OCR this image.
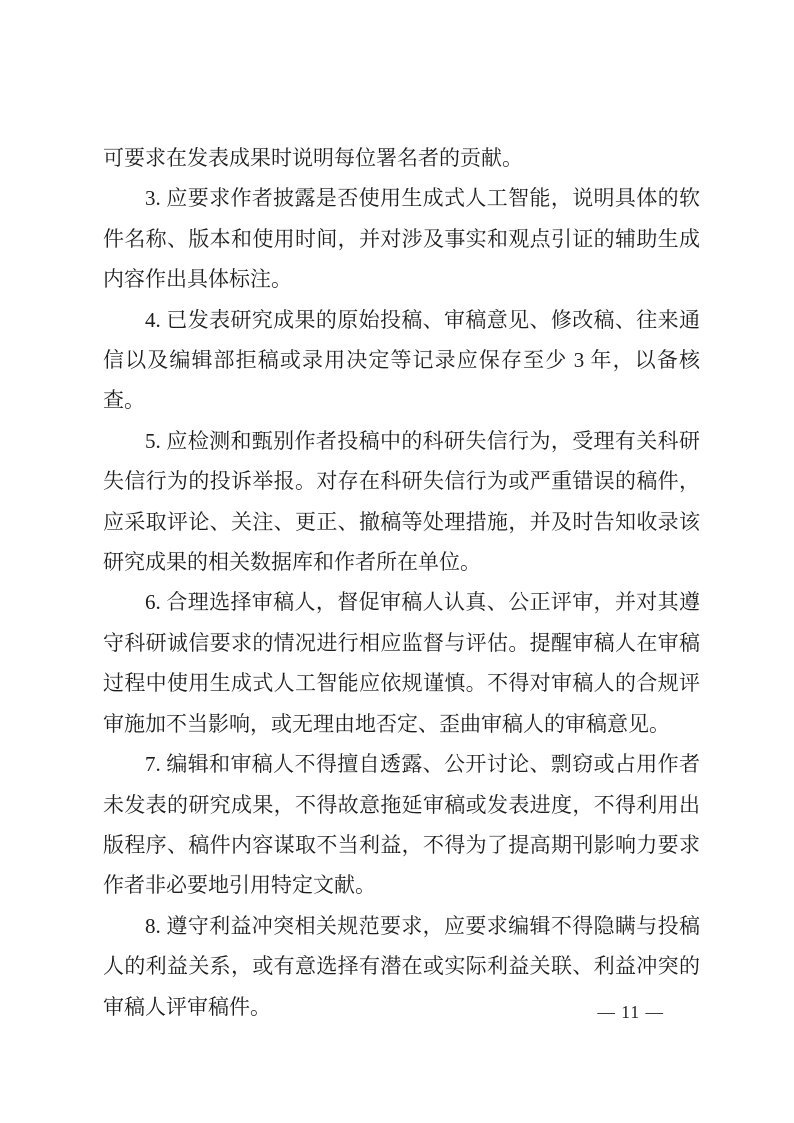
可要求在发表成果时说明每位署名者的贡献。

3. 应要求作者披露是否使用生成式人工智能，说明具体的软件名称、版本和使用时间，并对涉及事实和观点引证的辅助生成内容作出具体标注。

4. 已发表研究成果的原始投稿、审稿意见、修改稿、往来通信以及编辑部拒稿或录用决定等记录应保存至少 3 年，以备核查。

5. 应检测和甄别作者投稿中的科研失信行为，受理有关科研失信行为的投诉举报。对存在科研失信行为或严重错误的稿件，应采取评论、关注、更正、撤稿等处理措施，并及时告知收录该研究成果的相关数据库和作者所在单位。

6. 合理选择审稿人，督促审稿人认真、公正评审，并对其遵守科研诚信要求的情况进行相应监督与评估。提醒审稿人在审稿过程中使用生成式人工智能应依规谨慎。不得对审稿人的合规评审施加不当影响，或无理由地否定、歪曲审稿人的审稿意见。

7. 编辑和审稿人不得擅自透露、公开讨论、剽窃或占用作者未发表的研究成果，不得故意拖延审稿或发表进度，不得利用出版程序、稿件内容谋取不当利益，不得为了提高期刊影响力要求作者非必要地引用特定文献。

8. 遵守利益冲突相关规范要求，应要求编辑不得隐瞒与投稿人的利益关系，或有意选择有潜在或实际利益关联、利益冲突的审稿人评审稿件。	— 11 —
